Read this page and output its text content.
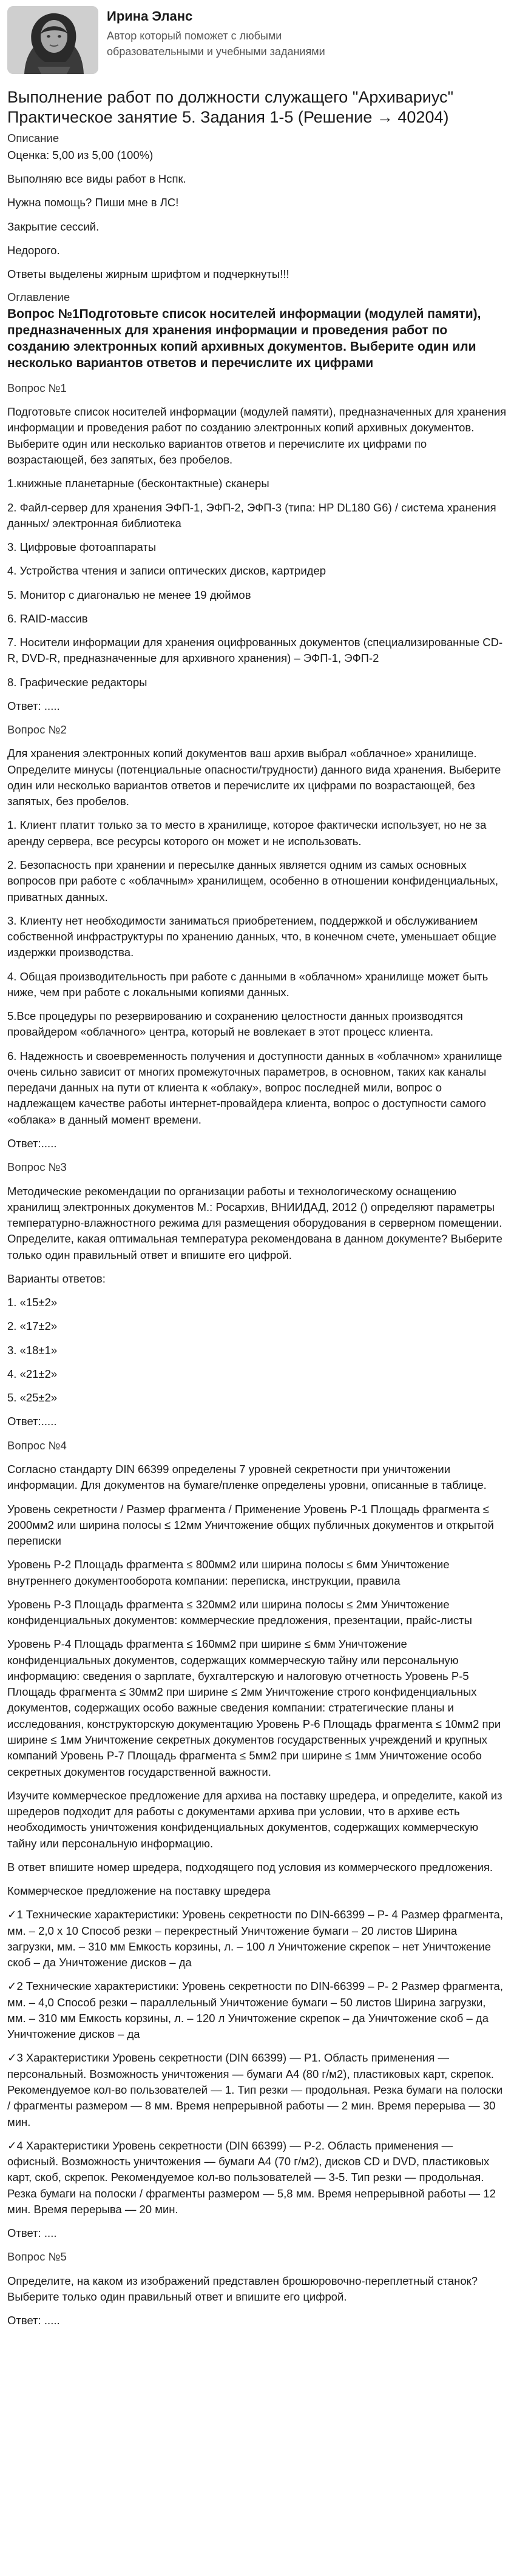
Ирина Эланс
Автор который поможет с любыми образовательными и учебными заданиями
Выполнение работ по должности служащего "Архивариус" Практическое занятие 5. Задания 1-5 (Решение → 40204)
Описание
Оценка: 5,00 из 5,00 (100%)
Выполняю все виды работ в Нспк.
Нужна помощь? Пиши мне в ЛС!
Закрытие сессий.
Недорого.
Ответы выделены жирным шрифтом и подчеркнуты!!!
Оглавление
Вопрос №1Подготовьте список носителей информации (модулей памяти), предназначенных для хранения информации и проведения работ по созданию электронных копий архивных документов. Выберите один или несколько вариантов ответов и перечислите их цифрами
Вопрос №1
Подготовьте список носителей информации (модулей памяти), предназначенных для хранения информации и проведения работ по созданию электронных копий архивных документов. Выберите один или несколько вариантов ответов и перечислите их цифрами по возрастающей, без запятых, без пробелов.
1.книжные планетарные (бесконтактные) сканеры
2. Файл-сервер для хранения ЭФП-1, ЭФП-2, ЭФП-3 (типа: HP DL180 G6) / система хранения данных/ электронная библиотека
3. Цифровые фотоаппараты
4. Устройства чтения и записи оптических дисков, картридер
5. Монитор с диагональю не менее 19 дюймов
6. RAID-массив
7. Носители информации для хранения оцифрованных документов (специализированные CD-R, DVD-R, предназначенные для архивного хранения) – ЭФП-1, ЭФП-2
8. Графические редакторы
Ответ: .....
Вопрос №2
Для хранения электронных копий документов ваш архив выбрал «облачное» хранилище. Определите минусы (потенциальные опасности/трудности) данного вида хранения. Выберите один или несколько вариантов ответов и перечислите их цифрами по возрастающей, без запятых, без пробелов.
1. Клиент платит только за то место в хранилище, которое фактически использует, но не за аренду сервера, все ресурсы которого он может и не использовать.
2. Безопасность при хранении и пересылке данных является одним из самых основных вопросов при работе с «облачным» хранилищем, особенно в отношении конфиденциальных, приватных данных.
3. Клиенту нет необходимости заниматься приобретением, поддержкой и обслуживанием собственной инфраструктуры по хранению данных, что, в конечном счете, уменьшает общие издержки производства.
4. Общая производительность при работе с данными в «облачном» хранилище может быть ниже, чем при работе с локальными копиями данных.
5.Все процедуры по резервированию и сохранению целостности данных производятся провайдером «облачного» центра, который не вовлекает в этот процесс клиента.
6. Надежность и своевременность получения и доступности данных в «облачном» хранилище очень сильно зависит от многих промежуточных параметров, в основном, таких как каналы передачи данных на пути от клиента к «облаку», вопрос последней мили, вопрос о надлежащем качестве работы интернет-провайдера клиента, вопрос о доступности самого «облака» в данный момент времени.
Ответ:.....
Вопрос №3
Методические рекомендации по организации работы и технологическому оснащению хранилищ электронных документов М.: Росархив, ВНИИДАД, 2012 () определяют параметры температурно-влажностного режима для размещения оборудования в серверном помещении. Определите, какая оптимальная температура рекомендована в данном документе? Выберите только один правильный ответ и впишите его цифрой.
Варианты ответов:
1. «15±2»
2. «17±2»
3. «18±1»
4. «21±2»
5. «25±2»
Ответ:.....
Вопрос №4
Согласно стандарту DIN 66399 определены 7 уровней секретности при уничтожении информации. Для документов на бумаге/пленке определены уровни, описанные в таблице.
Уровень секретности / Размер фрагмента / Применение Уровень Р-1 Площадь фрагмента ≤ 2000мм2 или ширина полосы ≤ 12мм Уничтожение общих публичных документов и открытой переписки
Уровень Р-2 Площадь фрагмента ≤ 800мм2 или ширина полосы ≤ 6мм Уничтожение внутреннего документооборота компании: переписка, инструкции, правила
Уровень Р-3 Площадь фрагмента ≤ 320мм2 или ширина полосы ≤ 2мм Уничтожение конфиденциальных документов: коммерческие предложения, презентации, прайс-листы
Уровень Р-4 Площадь фрагмента ≤ 160мм2 при ширине ≤ 6мм Уничтожение конфиденциальных документов, содержащих коммерческую тайну или персональную информацию: сведения о зарплате, бухгалтерскую и налоговую отчетность Уровень Р-5 Площадь фрагмента ≤ 30мм2 при ширине ≤ 2мм Уничтожение строго конфиденциальных документов, содержащих особо важные сведения компании: стратегические планы и исследования, конструкторскую документацию Уровень Р-6 Площадь фрагмента ≤ 10мм2 при ширине ≤ 1мм Уничтожение секретных документов государственных учреждений и крупных компаний Уровень Р-7 Площадь фрагмента ≤ 5мм2 при ширине ≤ 1мм Уничтожение особо секретных документов государственной важности.
Изучите коммерческое предложение для архива на поставку шредера, и определите, какой из шредеров подходит для работы с документами архива при условии, что в архиве есть необходимость уничтожения конфиденциальных документов, содержащих коммерческую тайну или персональную информацию.
В ответ впишите номер шредера, подходящего под условия из коммерческого предложения.
Коммерческое предложение на поставку шредера
✓1 Технические характеристики: Уровень секретности по DIN-66399 – Р- 4 Размер фрагмента, мм. – 2,0 х 10 Способ резки – перекрестный Уничтожение бумаги – 20 листов Ширина загрузки, мм. – 310 мм Емкость корзины, л. – 100 л Уничтожение скрепок – нет Уничтожение скоб – да Уничтожение дисков – да
✓2 Технические характеристики: Уровень секретности по DIN-66399 – Р- 2 Размер фрагмента, мм. – 4,0 Способ резки – параллельный Уничтожение бумаги – 50 листов Ширина загрузки, мм. – 310 мм Емкость корзины, л. – 120 л Уничтожение скрепок – да Уничтожение скоб – да Уничтожение дисков – да
✓3 Характеристики Уровень секретности (DIN 66399) — Р1. Область применения — персональный. Возможность уничтожения — бумаги А4 (80 г/м2), пластиковых карт, скрепок. Рекомендуемое кол-во пользователей — 1. Тип резки — продольная. Резка бумаги на полоски / фрагменты размером — 8 мм. Время непрерывной работы — 2 мин. Время перерыва — 30 мин.
✓4 Характеристики Уровень секретности (DIN 66399) — Р-2. Область применения — офисный. Возможность уничтожения — бумаги А4 (70 г/м2), дисков CD и DVD, пластиковых карт, скоб, скрепок. Рекомендуемое кол-во пользователей — 3-5. Тип резки — продольная. Резка бумаги на полоски / фрагменты размером — 5,8 мм. Время непрерывной работы — 12 мин. Время перерыва — 20 мин.
Ответ: ....
Вопрос №5
Определите, на каком из изображений представлен брошюровочно-переплетный станок? Выберите только один правильный ответ и впишите его цифрой.
Ответ: .....
